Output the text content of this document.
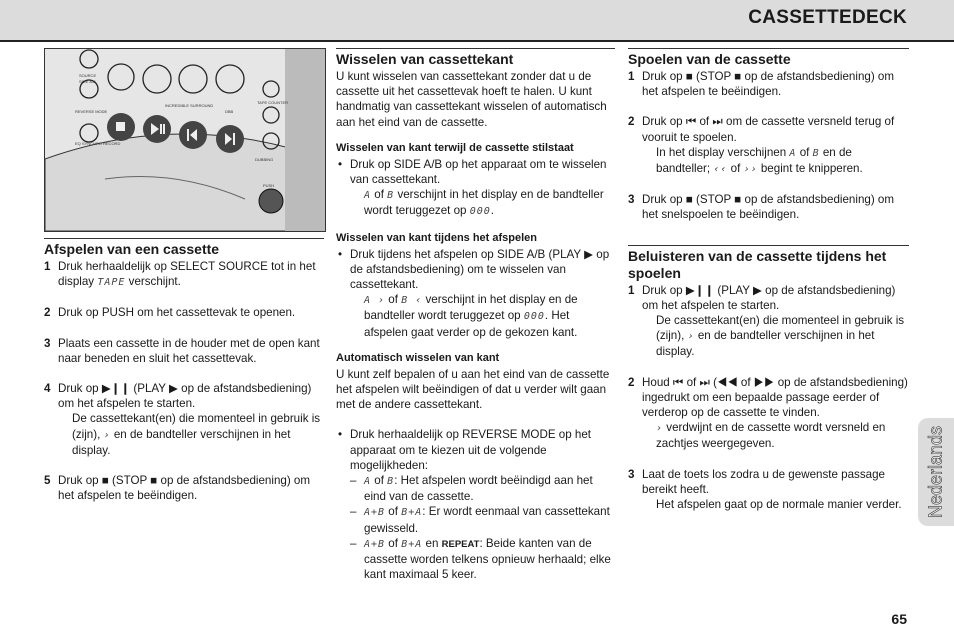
CASSETTEDECK
SOURCE
SIDE A/B
REVERSE MODE
EQ SYNCHRO RECORD
INCREDIBLE SURROUND
DBB
TAPE COUNTER
DUBBING
PUSH
Afspelen van een cassette
1 Druk herhaaldelijk op SELECT SOURCE tot in het display TAPE verschijnt.
2 Druk op PUSH om het cassettevak te openen.
3 Plaats een cassette in de houder met de open kant naar beneden en sluit het cassettevak.
4 Druk op ▶❙❙ (PLAY ▶ op de afstandsbediening) om het afspelen te starten.

De cassettekant(en) die momenteel in gebruik is (zijn), › en de bandteller verschijnen in het display.

5 Druk op ■ (STOP ■ op de afstandsbediening) om het afspelen te beëindigen.
Wisselen van cassettekant

U kunt wisselen van cassettekant zonder dat u de cassette uit het cassettevak hoeft te halen. U kunt handmatig van cassettekant wisselen of automatisch aan het eind van de cassette.

Wisselen van kant terwijl de cassette stilstaat
• Druk op SIDE A/B op het apparaat om te wisselen van cassettekant.

A of B verschijnt in het display en de bandteller wordt teruggezet op 000.

Wisselen van kant tijdens het afspelen
• Druk tijdens het afspelen op SIDE A/B (PLAY ▶ op de afstandsbediening) om te wisselen van cassettekant.

A › of B ‹ verschijnt in het display en de bandteller wordt teruggezet op 000. Het afspelen gaat verder op de gekozen kant.

Automatisch wisselen van kant

U kunt zelf bepalen of u aan het eind van de cassette het afspelen wilt beëindigen of dat u verder wilt gaan met de andere cassettekant.

• Druk herhaaldelijk op REVERSE MODE op het apparaat om te kiezen uit de volgende mogelijkheden:
– A of B: Het afspelen wordt beëindigd aan het eind van de cassette.
– A+B of B+A: Er wordt eenmaal van cassettekant gewisseld.
– A+B of B+A en REPEAT: Beide kanten van de cassette worden telkens opnieuw herhaald; elke kant maximaal 5 keer.
Spoelen van de cassette
1 Druk op ■ (STOP ■ op de afstandsbediening) om het afspelen te beëindigen.
2 Druk op ⏮ of ⏭ om de cassette versneld terug of vooruit te spoelen.

In het display verschijnen A of B en de bandteller; ‹‹ of ›› begint te knipperen.

3 Druk op ■ (STOP ■ op de afstandsbediening) om het snelspoelen te beëindigen.
Beluisteren van de cassette tijdens het spoelen
1 Druk op ▶❙❙ (PLAY ▶ op de afstandsbediening) om het afspelen te starten.

De cassettekant(en) die momenteel in gebruik is (zijn), › en de bandteller verschijnen in het display.

2 Houd ⏮ of ⏭ (◀◀ of ▶▶ op de afstandsbediening) ingedrukt om een bepaalde passage eerder of verderop op de cassette te vinden.

› verdwijnt en de cassette wordt versneld en zachtjes weergegeven.

3 Laat de toets los zodra u de gewenste passage bereikt heeft.

Het afspelen gaat op de normale manier verder.	Nederlands
65
